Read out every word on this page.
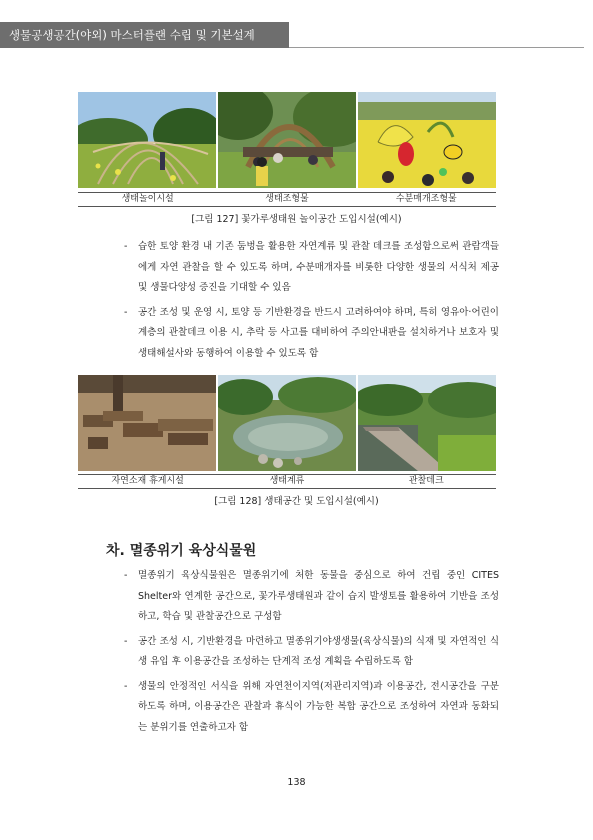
생물공생공간(야외) 마스터플랜 수립 및 기본설계
생태놀이시설	생태조형물	수분매개조형물
[그림 127] 꽃가루생태원 놀이공간 도입시설(예시)
- 습한 토양 환경 내 기존 둠벙을 활용한 자연계류 및 관찰 데크를 조성함으로써 관람객들에게 자연 관찰을 할 수 있도록 하며, 수분매개자를 비롯한 다양한 생물의 서식처 제공 및 생물다양성 증진을 기대할 수 있음
- 공간 조성 및 운영 시, 토양 등 기반환경을 반드시 고려하여야 하며, 특히 영유아·어린이 계층의 관찰데크 이용 시, 추락 등 사고를 대비하여 주의안내판을 설치하거나 보호자 및 생태해설사와 동행하여 이용할 수 있도록 함
자연소재 휴게시설	생태계류	관찰데크
[그림 128] 생태공간 및 도입시설(예시)
차. 멸종위기 육상식물원
- 멸종위기 육상식물원은 멸종위기에 처한 동물을 중심으로 하여 건립 중인 CITES Shelter와 연계한 공간으로, 꽃가루생태원과 같이 습지 발생토를 활용하여 기반을 조성하고, 학습 및 관찰공간으로 구성함
- 공간 조성 시, 기반환경을 마련하고 멸종위기야생생물(육상식물)의 식재 및 자연적인 식생 유입 후 이용공간을 조성하는 단계적 조성 계획을 수립하도록 함
- 생물의 안정적인 서식을 위해 자연천이지역(저관리지역)과 이용공간, 전시공간을 구분하도록 하며, 이용공간은 관찰과 휴식이 가능한 복합 공간으로 조성하여 자연과 동화되는 분위기를 연출하고자 함
138
